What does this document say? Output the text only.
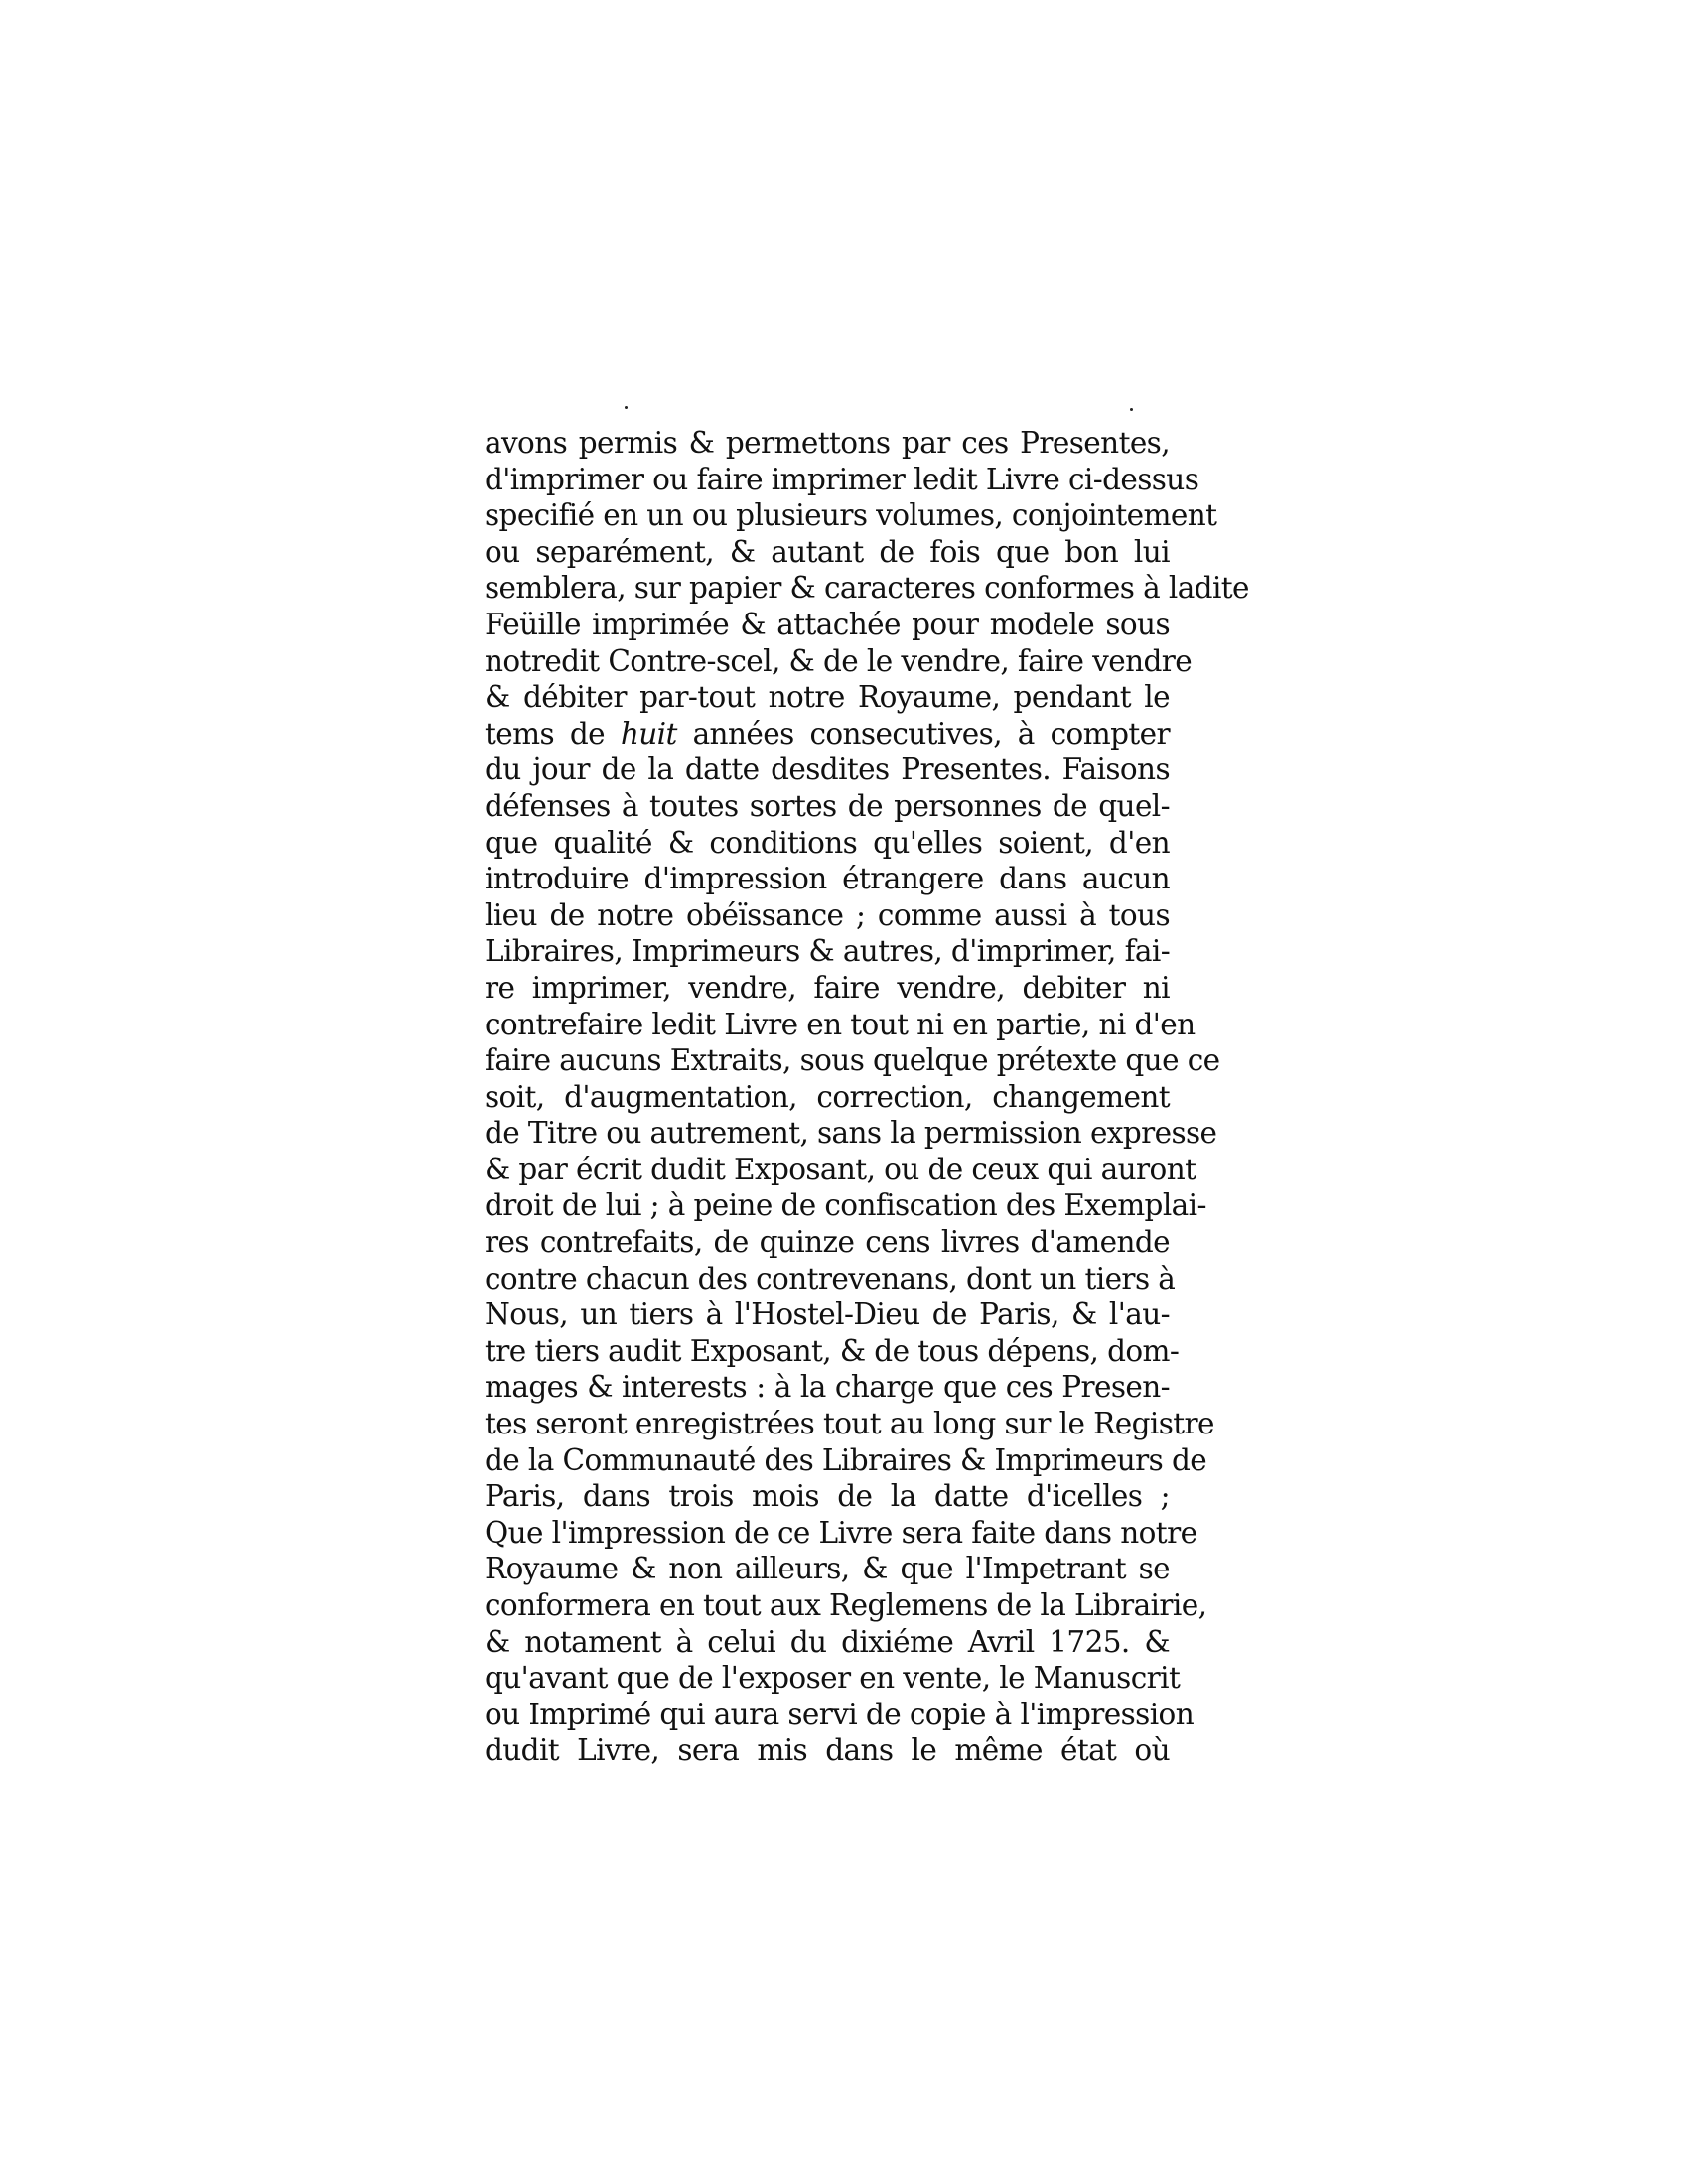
avons permis & permettons par ces Presentes,
d'imprimer ou faire imprimer ledit Livre ci-dessus
specifié en un ou plusieurs volumes, conjointement
ou separément, & autant de fois que bon lui
semblera, sur papier & caracteres conformes à ladite
Feüille imprimée & attachée pour modele sous
notredit Contre-scel, & de le vendre, faire vendre
& débiter par-tout notre Royaume, pendant le
tems de huit années consecutives, à compter
du jour de la datte desdites Presentes. Faisons
défenses à toutes sortes de personnes de quel-
que qualité & conditions qu'elles soient, d'en
introduire d'impression étrangere dans aucun
lieu de notre obéïssance ; comme aussi à tous
Libraires, Imprimeurs & autres, d'imprimer, fai-
re imprimer, vendre, faire vendre, debiter ni
contrefaire ledit Livre en tout ni en partie, ni d'en
faire aucuns Extraits, sous quelque prétexte que ce
soit, d'augmentation, correction, changement
de Titre ou autrement, sans la permission expresse
& par écrit dudit Exposant, ou de ceux qui auront
droit de lui ; à peine de confiscation des Exemplai-
res contrefaits, de quinze cens livres d'amende
contre chacun des contrevenans, dont un tiers à
Nous, un tiers à l'Hostel-Dieu de Paris, & l'au-
tre tiers audit Exposant, & de tous dépens, dom-
mages & interests : à la charge que ces Presen-
tes seront enregistrées tout au long sur le Registre
de la Communauté des Libraires & Imprimeurs de
Paris, dans trois mois de la datte d'icelles ;
Que l'impression de ce Livre sera faite dans notre
Royaume & non ailleurs, & que l'Impetrant se
conformera en tout aux Reglemens de la Librairie,
& notament à celui du dixiéme Avril 1725. &
qu'avant que de l'exposer en vente, le Manuscrit
ou Imprimé qui aura servi de copie à l'impression
dudit Livre, sera mis dans le même état où
